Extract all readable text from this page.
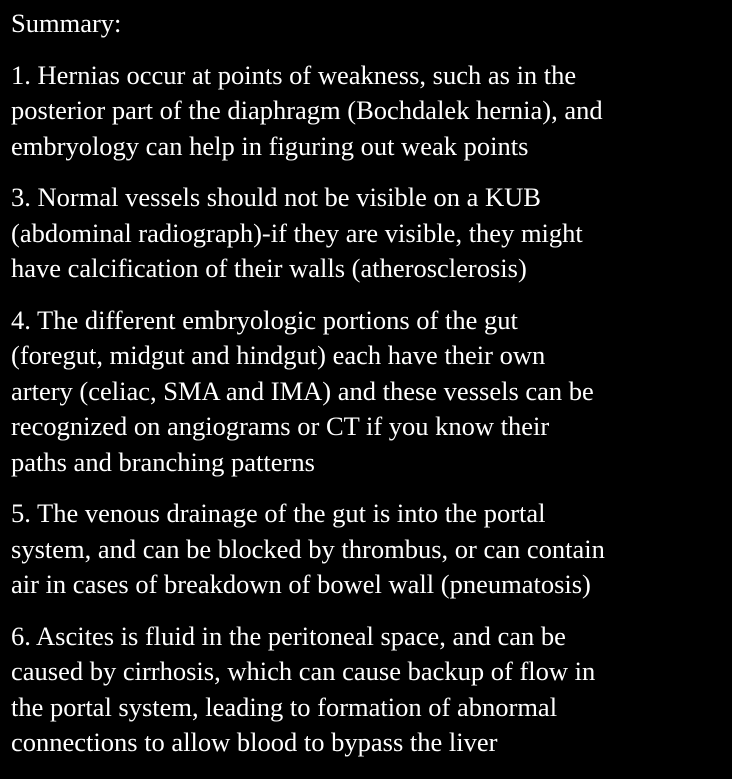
Summary:
1. Hernias occur at points of weakness, such as in the
posterior part of the diaphragm (Bochdalek hernia), and
embryology can help in figuring out weak points
3. Normal vessels should not be visible on a KUB
(abdominal radiograph)-if they are visible, they might
have calcification of their walls (atherosclerosis)
4. The different embryologic portions of the gut
(foregut, midgut and hindgut) each have their own
artery (celiac, SMA and IMA) and these vessels can be
recognized on angiograms or CT if you know their
paths and branching patterns
5. The venous drainage of the gut is into the portal
system, and can be blocked by thrombus, or can contain
air in cases of breakdown of bowel wall (pneumatosis)
6. Ascites is fluid in the peritoneal space, and can be
caused by cirrhosis, which can cause backup of flow in
the portal system, leading to formation of abnormal
connections to allow blood to bypass the liver
